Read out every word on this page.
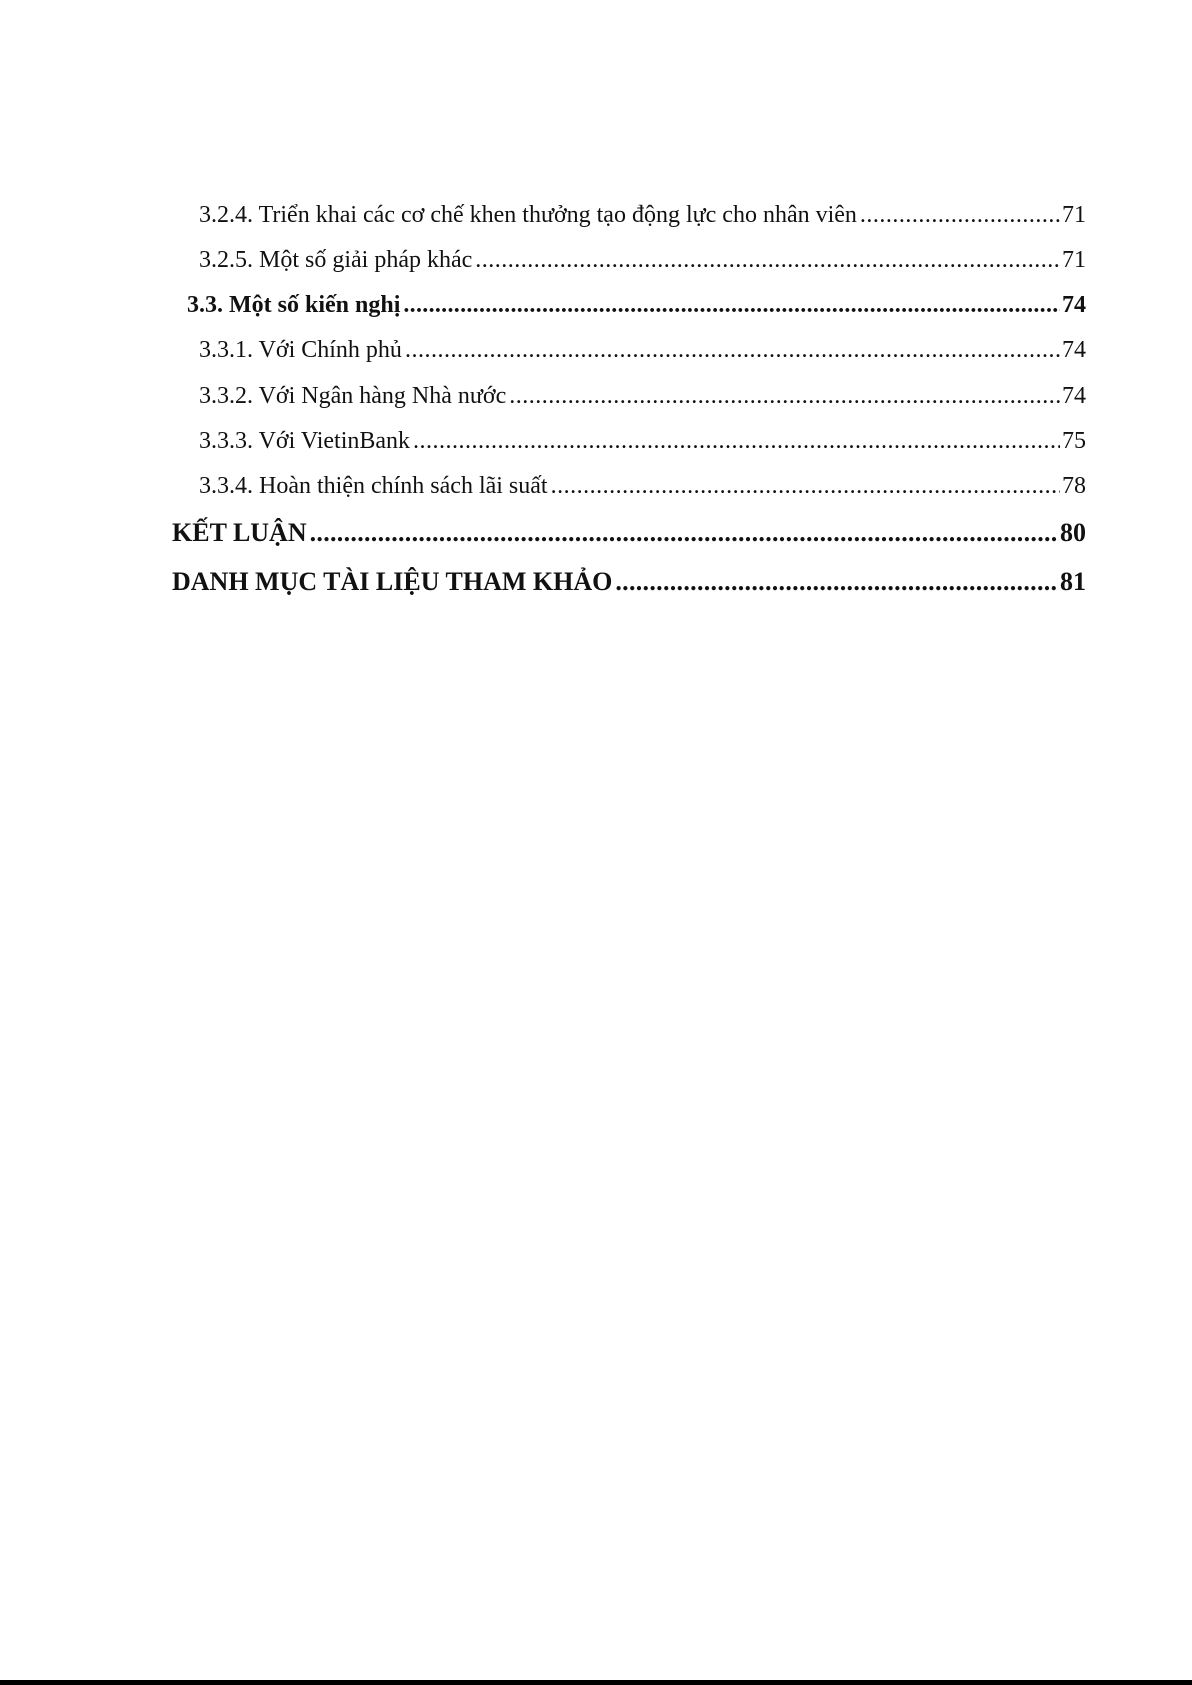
3.2.4. Triển khai các cơ chế khen thưởng tạo động lực cho nhân viên .....	71
3.2.5. Một số giải pháp khác .....	71
3.3. Một số kiến nghị .....	74
3.3.1. Với Chính phủ .....	74
3.3.2. Với Ngân hàng Nhà nước .....	74
3.3.3. Với VietinBank .....	75
3.3.4. Hoàn thiện chính sách lãi suất .....	78
KẾT LUẬN .....	80
DANH MỤC TÀI LIỆU THAM KHẢO .....	81
